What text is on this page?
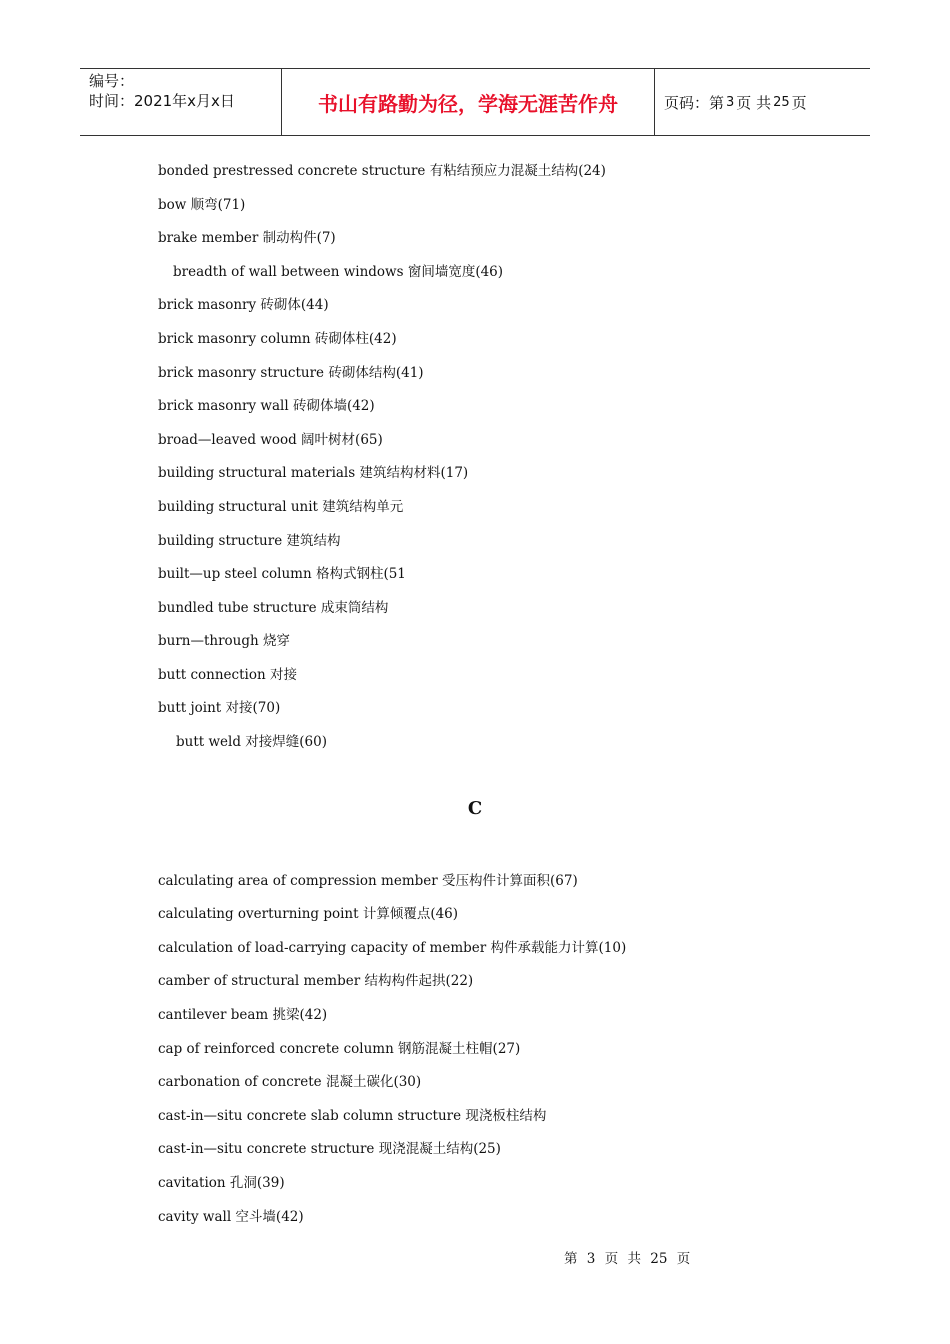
编号：
时间：2021年x月x日	书山有路勤为径，学海无涯苦作舟	页码：第 3 页 共 25 页
bonded prestressed concrete structure 有粘结预应力混凝土结构(24)
bow 顺弯(71)
brake member 制动构件(7)
breadth of wall between windows 窗间墙宽度(46)
brick masonry 砖砌体(44)
brick masonry column 砖砌体柱(42)
brick masonry structure 砖砌体结构(41)
brick masonry wall 砖砌体墙(42)
broad—leaved wood 阔叶树材(65)
building structural materials 建筑结构材料(17)
building structural unit 建筑结构单元
building structure 建筑结构
built—up steel column 格构式钢柱(51
bundled tube structure 成束筒结构
burn—through 烧穿
butt connection 对接
butt joint 对接(70)
butt weld 对接焊缝(60)
calculating area of compression member 受压构件计算面积(67)
calculating overturning point 计算倾覆点(46)
calculation of load-carrying capacity of member 构件承载能力计算(10)
camber of structural member 结构构件起拱(22)
cantilever beam 挑梁(42)
cap of reinforced concrete column 钢筋混凝土柱帽(27)
carbonation of concrete 混凝土碳化(30)
cast-in—situ concrete slab column structure 现浇板柱结构
cast-in—situ concrete structure 现浇混凝土结构(25)
cavitation 孔洞(39)
cavity wall 空斗墙(42)
C
第 3 页 共 25 页
